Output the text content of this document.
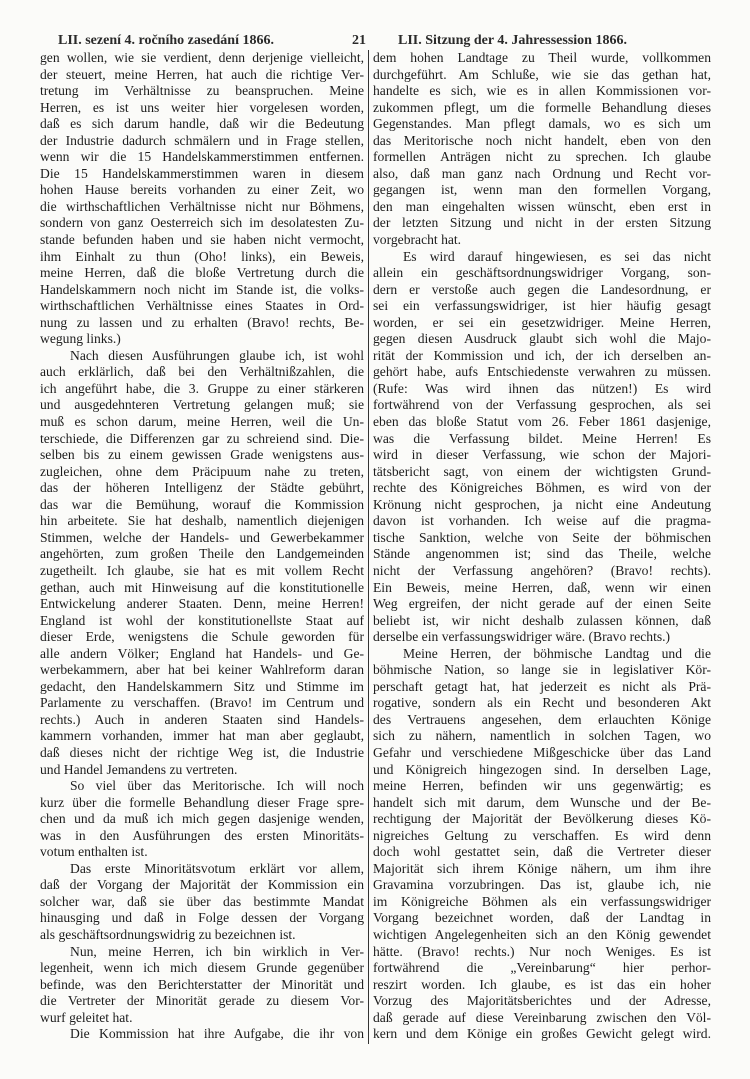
LII. sezení 4. ročního zasedání 1866.	21 LII. Sitzung der 4. Jahressession 1866.
gen wollen, wie sie verdient, denn derjenige vielleicht,
der steuert, meine Herren, hat auch die richtige Ver-
tretung im Verhältnisse zu beanspruchen. Meine
Herren, es ist uns weiter hier vorgelesen worden,
daß es sich darum handle, daß wir die Bedeutung
der Industrie dadurch schmälern und in Frage stellen,
wenn wir die 15 Handelskammerstimmen entfernen.
Die 15 Handelskammerstimmen waren in diesem
hohen Hause bereits vorhanden zu einer Zeit, wo
die wirthschaftlichen Verhältnisse nicht nur Böhmens,
sondern von ganz Oesterreich sich im desolatesten Zu-
stande befunden haben und sie haben nicht vermocht,
ihm Einhalt zu thun (Oho! links), ein Beweis,
meine Herren, daß die bloße Vertretung durch die
Handelskammern noch nicht im Stande ist, die volks-
wirthschaftlichen Verhältnisse eines Staates in Ord-
nung zu lassen und zu erhalten (Bravo! rechts, Be-
wegung links.)
Nach diesen Ausführungen glaube ich, ist wohl
auch erklärlich, daß bei den Verhältnißzahlen, die
ich angeführt habe, die 3. Gruppe zu einer stärkeren
und ausgedehnteren Vertretung gelangen muß; sie
muß es schon darum, meine Herren, weil die Un-
terschiede, die Differenzen gar zu schreiend sind. Die-
selben bis zu einem gewissen Grade wenigstens aus-
zugleichen, ohne dem Präcipuum nahe zu treten,
das der höheren Intelligenz der Städte gebührt,
das war die Bemühung, worauf die Kommission
hin arbeitete. Sie hat deshalb, namentlich diejenigen
Stimmen, welche der Handels- und Gewerbekammer
angehörten, zum großen Theile den Landgemeinden
zugetheilt. Ich glaube, sie hat es mit vollem Recht
gethan, auch mit Hinweisung auf die konstitutionelle
Entwickelung anderer Staaten. Denn, meine Herren!
England ist wohl der konstitutionellste Staat auf
dieser Erde, wenigstens die Schule geworden für
alle andern Völker; England hat Handels- und Ge-
werbekammern, aber hat bei keiner Wahlreform daran
gedacht, den Handelskammern Sitz und Stimme im
Parlamente zu verschaffen. (Bravo! im Centrum und
rechts.) Auch in anderen Staaten sind Handels-
kammern vorhanden, immer hat man aber geglaubt,
daß dieses nicht der richtige Weg ist, die Industrie
und Handel Jemandens zu vertreten.
So viel über das Meritorische. Ich will noch
kurz über die formelle Behandlung dieser Frage spre-
chen und da muß ich mich gegen dasjenige wenden,
was in den Ausführungen des ersten Minoritäts-
votum enthalten ist.
Das erste Minoritätsvotum erklärt vor allem,
daß der Vorgang der Majorität der Kommission ein
solcher war, daß sie über das bestimmte Mandat
hinausging und daß in Folge dessen der Vorgang
als geschäftsordnungswidrig zu bezeichnen ist.
Nun, meine Herren, ich bin wirklich in Ver-
legenheit, wenn ich mich diesem Grunde gegenüber
befinde, was den Berichterstatter der Minorität und
die Vertreter der Minorität gerade zu diesem Vor-
wurf geleitet hat.
Die Kommission hat ihre Aufgabe, die ihr von
dem hohen Landtage zu Theil wurde, vollkommen
durchgeführt. Am Schluße, wie sie das gethan hat,
handelte es sich, wie es in allen Kommissionen vor-
zukommen pflegt, um die formelle Behandlung dieses
Gegenstandes. Man pflegt damals, wo es sich um
das Meritorische noch nicht handelt, eben von den
formellen Anträgen nicht zu sprechen. Ich glaube
also, daß man ganz nach Ordnung und Recht vor-
gegangen ist, wenn man den formellen Vorgang,
den man eingehalten wissen wünscht, eben erst in
der letzten Sitzung und nicht in der ersten Sitzung
vorgebracht hat.
Es wird darauf hingewiesen, es sei das nicht
allein ein geschäftsordnungswidriger Vorgang, son-
dern er verstoße auch gegen die Landesordnung, er
sei ein verfassungswidriger, ist hier häufig gesagt
worden, er sei ein gesetzwidriger. Meine Herren,
gegen diesen Ausdruck glaubt sich wohl die Majo-
rität der Kommission und ich, der ich derselben an-
gehört habe, aufs Entschiedenste verwahren zu müssen.
(Rufe: Was wird ihnen das nützen!) Es wird
fortwährend von der Verfassung gesprochen, als sei
eben das bloße Statut vom 26. Feber 1861 dasjenige,
was die Verfassung bildet. Meine Herren! Es
wird in dieser Verfassung, wie schon der Majori-
tätsbericht sagt, von einem der wichtigsten Grund-
rechte des Königreiches Böhmen, es wird von der
Krönung nicht gesprochen, ja nicht eine Andeutung
davon ist vorhanden. Ich weise auf die pragma-
tische Sanktion, welche von Seite der böhmischen
Stände angenommen ist; sind das Theile, welche
nicht der Verfassung angehören? (Bravo! rechts).
Ein Beweis, meine Herren, daß, wenn wir einen
Weg ergreifen, der nicht gerade auf der einen Seite
beliebt ist, wir nicht deshalb zulassen können, daß
derselbe ein verfassungswidriger wäre. (Bravo rechts.)
Meine Herren, der böhmische Landtag und die
böhmische Nation, so lange sie in legislativer Kör-
perschaft getagt hat, hat jederzeit es nicht als Prä-
rogative, sondern als ein Recht und besonderen Akt
des Vertrauens angesehen, dem erlauchten Könige
sich zu nähern, namentlich in solchen Tagen, wo
Gefahr und verschiedene Mißgeschicke über das Land
und Königreich hingezogen sind. In derselben Lage,
meine Herren, befinden wir uns gegenwärtig; es
handelt sich mit darum, dem Wunsche und der Be-
rechtigung der Majorität der Bevölkerung dieses Kö-
nigreiches Geltung zu verschaffen. Es wird denn
doch wohl gestattet sein, daß die Vertreter dieser
Majorität sich ihrem Könige nähern, um ihm ihre
Gravamina vorzubringen. Das ist, glaube ich, nie
im Königreiche Böhmen als ein verfassungswidriger
Vorgang bezeichnet worden, daß der Landtag in
wichtigen Angelegenheiten sich an den König gewendet
hätte. (Bravo! rechts.) Nur noch Weniges. Es ist
fortwährend die „Vereinbarung“ hier perhor-
reszirt worden. Ich glaube, es ist das ein hoher
Vorzug des Majoritätsberichtes und der Adresse,
daß gerade auf diese Vereinbarung zwischen den Völ-
kern und dem Könige ein großes Gewicht gelegt wird.
